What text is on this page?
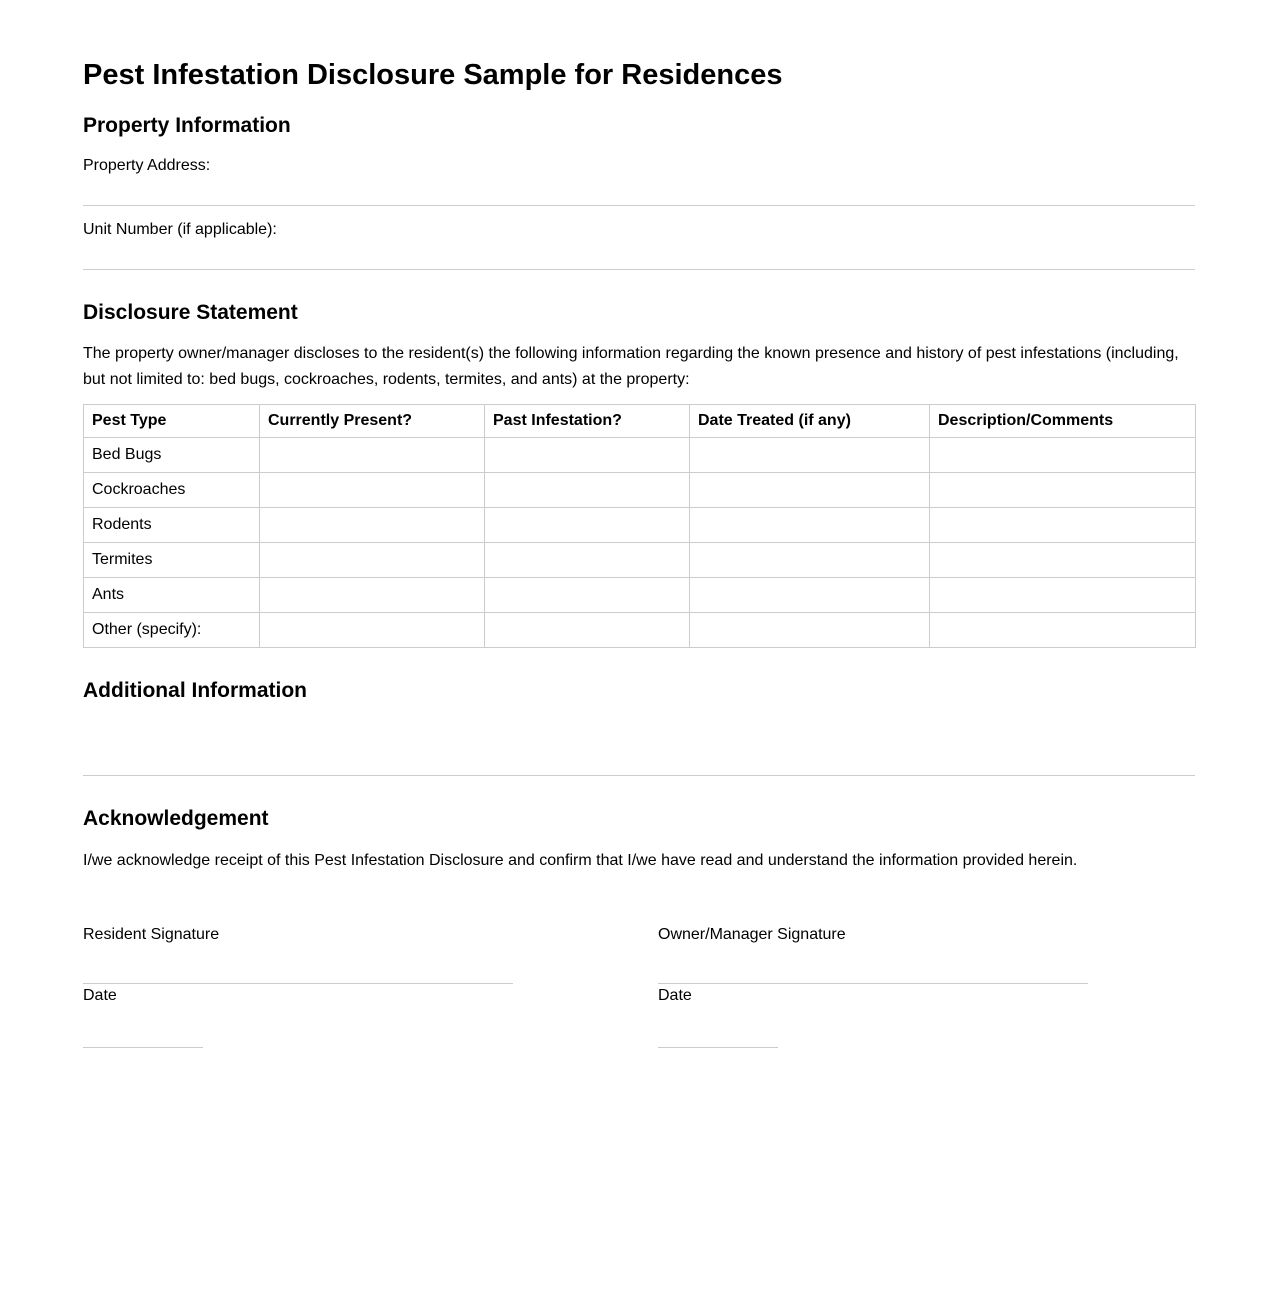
Pest Infestation Disclosure Sample for Residences
Property Information
Property Address:
Unit Number (if applicable):
Disclosure Statement

The property owner/manager discloses to the resident(s) the following information regarding the known presence and history of pest infestations (including, but not limited to: bed bugs, cockroaches, rodents, termites, and ants) at the property:

Pest Type	Currently Present?	Past Infestation?	Date Treated (if any)	Description/Comments
Bed Bugs				
Cockroaches				
Rodents				
Termites				
Ants				
Other (specify):				
Additional Information
Acknowledgement

I/we acknowledge receipt of this Pest Infestation Disclosure and confirm that I/we have read and understand the information provided herein.

Resident Signature
Date
Owner/Manager Signature
Date
